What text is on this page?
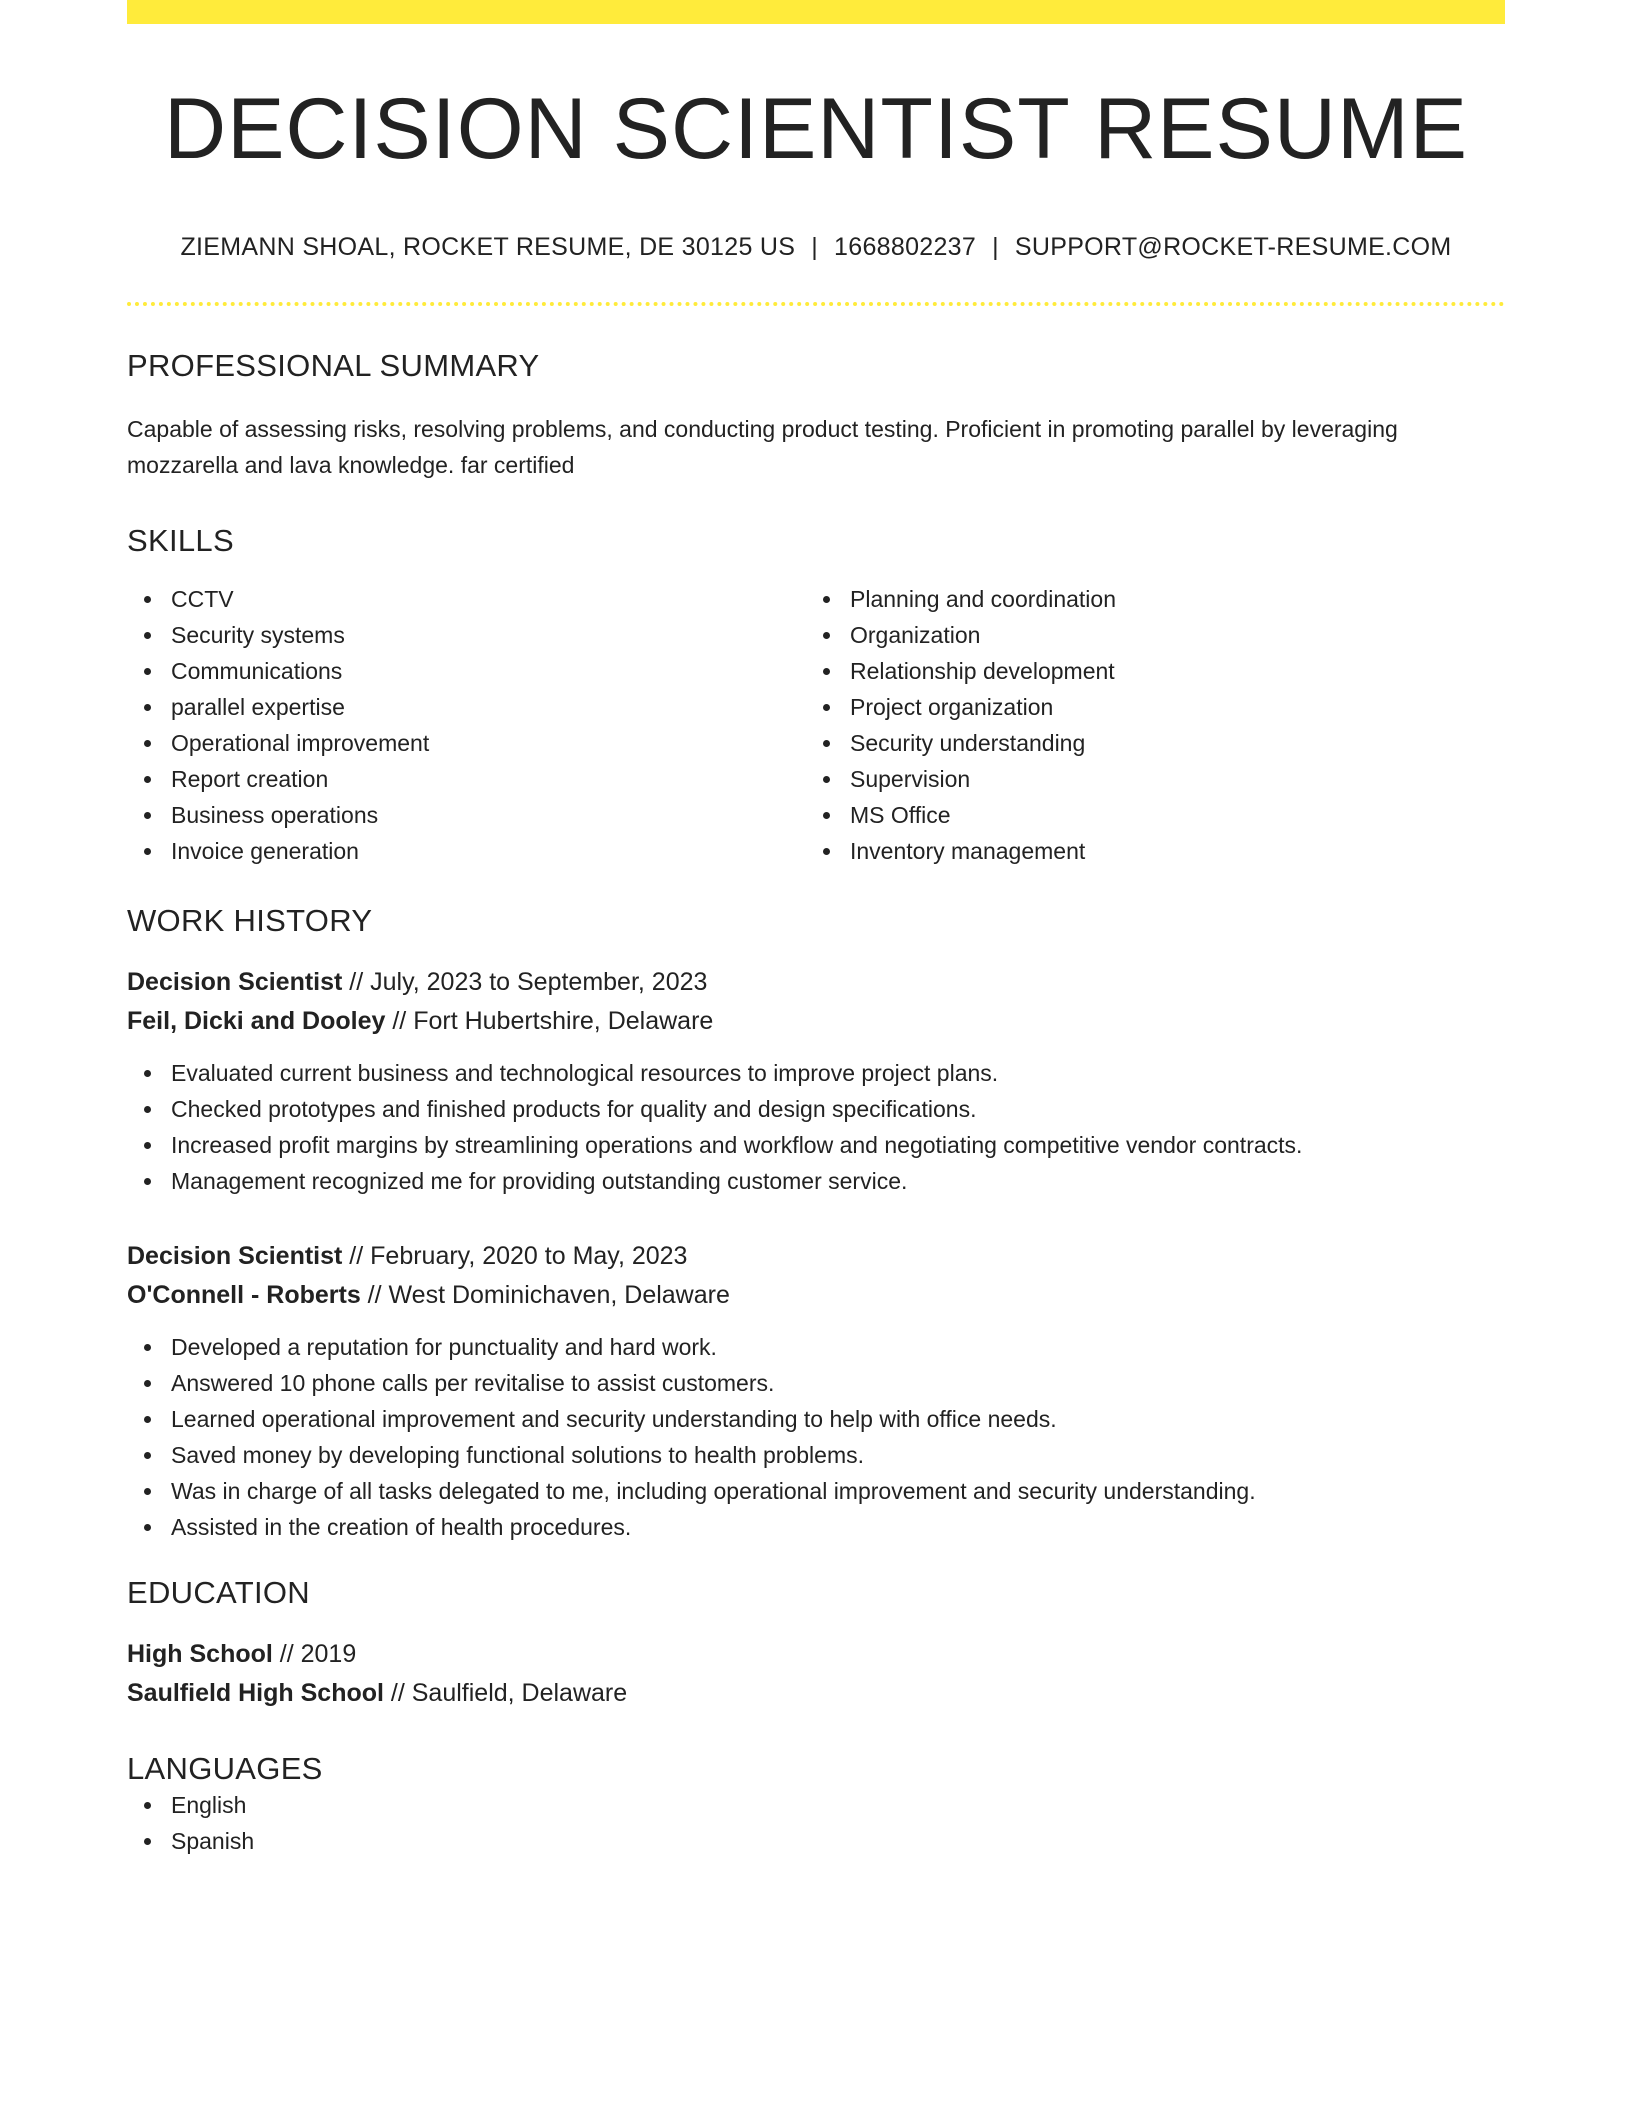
DECISION SCIENTIST RESUME
ZIEMANN SHOAL, ROCKET RESUME, DE 30125 US | 1668802237 | SUPPORT@ROCKET-RESUME.COM
PROFESSIONAL SUMMARY
Capable of assessing risks, resolving problems, and conducting product testing. Proficient in promoting parallel by leveraging mozzarella and lava knowledge. far certified
SKILLS
CCTV
Security systems
Communications
parallel expertise
Operational improvement
Report creation
Business operations
Invoice generation
Planning and coordination
Organization
Relationship development
Project organization
Security understanding
Supervision
MS Office
Inventory management
WORK HISTORY
Decision Scientist // July, 2023 to September, 2023
Feil, Dicki and Dooley // Fort Hubertshire, Delaware
Evaluated current business and technological resources to improve project plans.
Checked prototypes and finished products for quality and design specifications.
Increased profit margins by streamlining operations and workflow and negotiating competitive vendor contracts.
Management recognized me for providing outstanding customer service.
Decision Scientist // February, 2020 to May, 2023
O'Connell - Roberts // West Dominichaven, Delaware
Developed a reputation for punctuality and hard work.
Answered 10 phone calls per revitalise to assist customers.
Learned operational improvement and security understanding to help with office needs.
Saved money by developing functional solutions to health problems.
Was in charge of all tasks delegated to me, including operational improvement and security understanding.
Assisted in the creation of health procedures.
EDUCATION
High School // 2019
Saulfield High School // Saulfield, Delaware
LANGUAGES
English
Spanish
